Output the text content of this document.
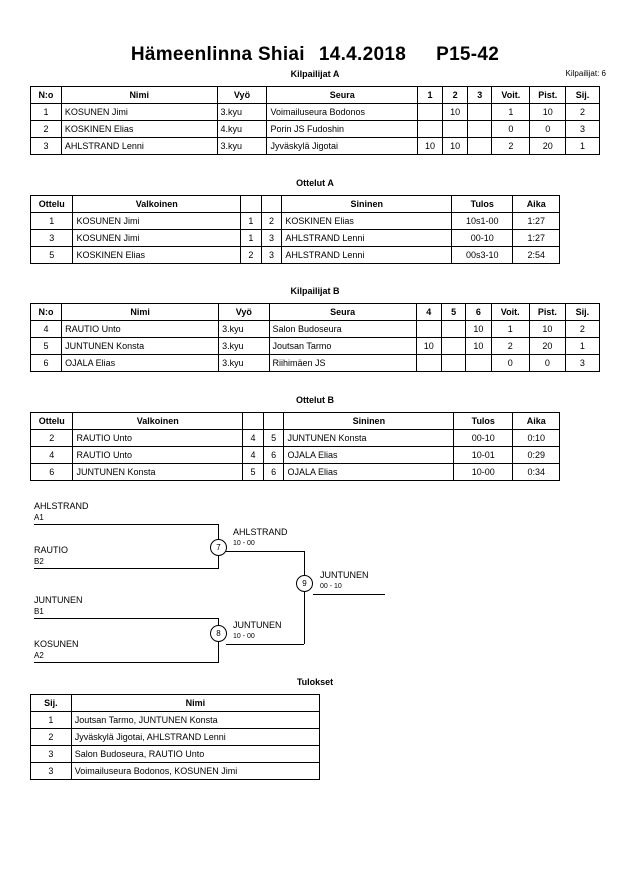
Hämeenlinna Shiai 14.4.2018 P15-42
Kilpailijat: 6
Kilpailijat A
N:o	Nimi	Vyö	Seura	1	2	3	Voit.	Pist.	Sij.
1	KOSUNEN Jimi	3.kyu	Voimailuseura Bodonos		10		1	10	2
2	KOSKINEN Elias	4.kyu	Porin JS Fudoshin				0	0	3
3	AHLSTRAND Lenni	3.kyu	Jyväskylä Jigotai	10	10		2	20	1
Ottelut A
Ottelu	Valkoinen			Sininen	Tulos	Aika
1	KOSUNEN Jimi	1	2	KOSKINEN Elias	10s1-00	1:27
3	KOSUNEN Jimi	1	3	AHLSTRAND Lenni	00-10	1:27
5	KOSKINEN Elias	2	3	AHLSTRAND Lenni	00s3-10	2:54
Kilpailijat B
N:o	Nimi	Vyö	Seura	4	5	6	Voit.	Pist.	Sij.
4	RAUTIO Unto	3.kyu	Salon Budoseura			10	1	10	2
5	JUNTUNEN Konsta	3.kyu	Joutsan Tarmo	10		10	2	20	1
6	OJALA Elias	3.kyu	Riihimäen JS				0	0	3
Ottelut B
Ottelu	Valkoinen			Sininen	Tulos	Aika
2	RAUTIO Unto	4	5	JUNTUNEN Konsta	00-10	0:10
4	RAUTIO Unto	4	6	OJALA Elias	10-01	0:29
6	JUNTUNEN Konsta	5	6	OJALA Elias	10-00	0:34
AHLSTRAND
A1
RAUTIO
B2
7
AHLSTRAND
10 - 00
JUNTUNEN
B1
KOSUNEN
A2
8
JUNTUNEN
10 - 00
9
JUNTUNEN
00 - 10
Tulokset
Sij.	Nimi
1	Joutsan Tarmo, JUNTUNEN Konsta
2	Jyväskylä Jigotai, AHLSTRAND Lenni
3	Salon Budoseura, RAUTIO Unto
3	Voimailuseura Bodonos, KOSUNEN Jimi
